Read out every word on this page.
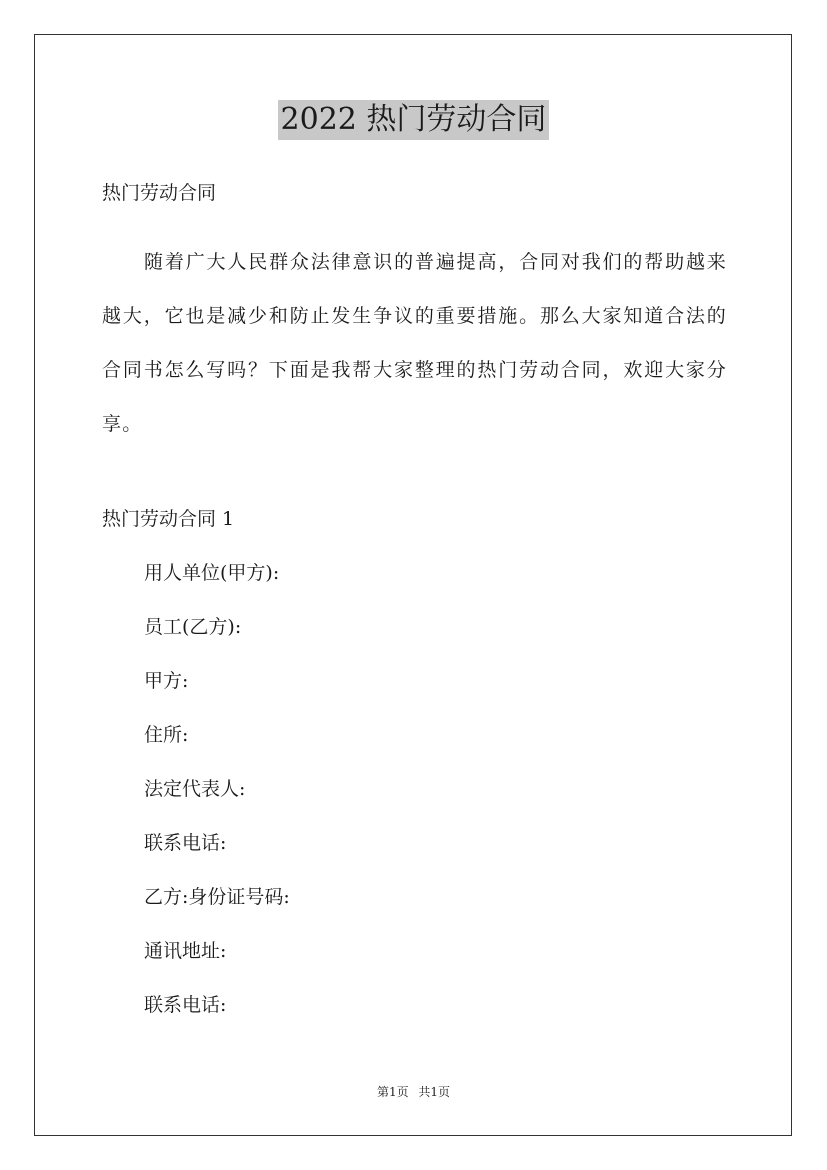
2022 热门劳动合同
热门劳动合同
随着广大人民群众法律意识的普遍提高，合同对我们的帮助越来越大，它也是减少和防止发生争议的重要措施。那么大家知道合法的合同书怎么写吗？下面是我帮大家整理的热门劳动合同，欢迎大家分享。
热门劳动合同 1
用人单位(甲方):
员工(乙方):
甲方:
住所:
法定代表人:
联系电话:
乙方:身份证号码:
通讯地址:
联系电话:
第1页 共1页
